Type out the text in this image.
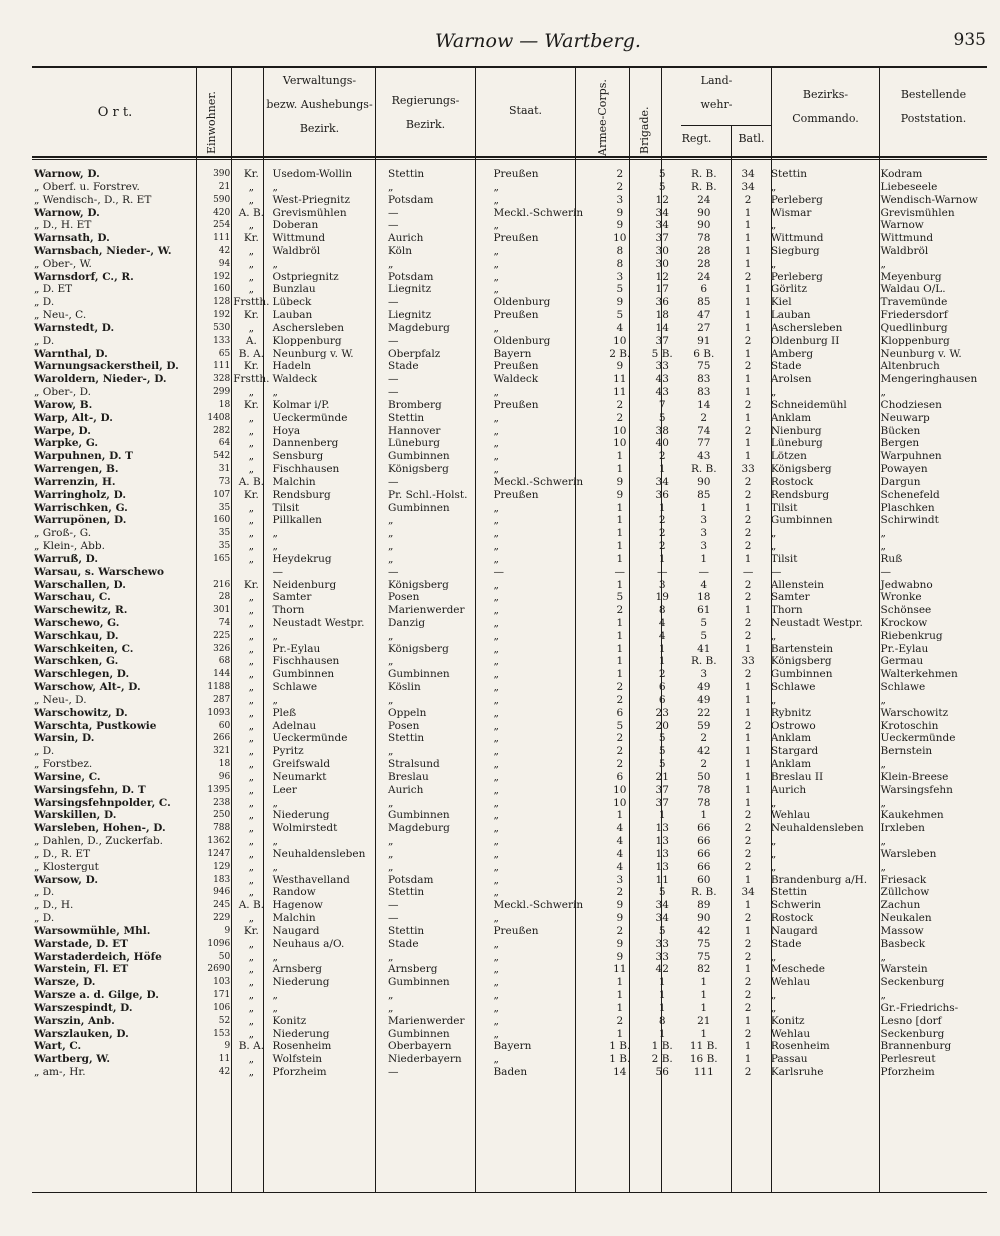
Warnow — Wartberg.	935
O r t.	Einwohner.
Verwaltungs-
bezw. Aushebungs-
Bezirk.
Regierungs-
Bezirk.
Staat.	Armee-Corps.	Brigade.
Land-
wehr-
Regt.	Batl.
Bezirks-
Commando.
Bestellende
Poststation.
Warnow, D.	390	Kr.	Usedom-Wollin	Stettin	Preußen	2	5	R. B.	34	Stettin	Kodram
„ Oberf. u. Forstrev.	21	„	„	„	„	2	5	R. B.	34	„	Liebeseele
„ Wendisch-, D., R. ET	590	„	West-Priegnitz	Potsdam	„	3	12	24	2	Perleberg	Wendisch-Warnow
Warnow, D.	420	A. B.	Grevismühlen	—	Meckl.-Schwerin	9	34	90	1	Wismar	Grevismühlen
„ D., H. ET	254	„	Doberan	—	„	9	34	90	1	„	Warnow
Warnsath, D.	111	Kr.	Wittmund	Aurich	Preußen	10	37	78	1	Wittmund	Wittmund
Warnsbach, Nieder-, W.	42	„	Waldbröl	Köln	„	8	30	28	1	Siegburg	Waldbröl
„ Ober-, W.	94	„	„	„	„	8	30	28	1	„	„
Warnsdorf, C., R.	192	„	Ostpriegnitz	Potsdam	„	3	12	24	2	Perleberg	Meyenburg
„ D. ET	160	„	Bunzlau	Liegnitz	„	5	17	6	1	Görlitz	Waldau O/L.
„ D.	128	Frstth.	Lübeck	—	Oldenburg	9	36	85	1	Kiel	Travemünde
„ Neu-, C.	192	Kr.	Lauban	Liegnitz	Preußen	5	18	47	1	Lauban	Friedersdorf
Warnstedt, D.	530	„	Aschersleben	Magdeburg	„	4	14	27	1	Aschersleben	Quedlinburg
„ D.	133	A.	Kloppenburg	—	Oldenburg	10	37	91	2	Oldenburg II	Kloppenburg
Warnthal, D.	65	B. A.	Neunburg v. W.	Oberpfalz	Bayern	2 B.	5 B.	6 B.	1	Amberg	Neunburg v. W.
Warnungsackerstheil, D.	111	Kr.	Hadeln	Stade	Preußen	9	33	75	2	Stade	Altenbruch
Waroldern, Nieder-, D.	328	Frstth.	Waldeck	—	Waldeck	11	43	83	1	Arolsen	Mengeringhausen
„ Ober-, D.	299	„	„	—	„	11	43	83	1	„	„
Warow, B.	18	Kr.	Kolmar i/P.	Bromberg	Preußen	2	7	14	2	Schneidemühl	Chodziesen
Warp, Alt-, D.	1408	„	Ueckermünde	Stettin	„	2	5	2	1	Anklam	Neuwarp
Warpe, D.	282	„	Hoya	Hannover	„	10	38	74	2	Nienburg	Bücken
Warpke, G.	64	„	Dannenberg	Lüneburg	„	10	40	77	1	Lüneburg	Bergen
Warpuhnen, D. T	542	„	Sensburg	Gumbinnen	„	1	2	43	1	Lötzen	Warpuhnen
Warrengen, B.	31	„	Fischhausen	Königsberg	„	1	1	R. B.	33	Königsberg	Powayen
Warrenzin, H.	73	A. B.	Malchin	—	Meckl.-Schwerin	9	34	90	2	Rostock	Dargun
Warringholz, D.	107	Kr.	Rendsburg	Pr. Schl.-Holst.	Preußen	9	36	85	2	Rendsburg	Schenefeld
Warrischken, G.	35	„	Tilsit	Gumbinnen	„	1	1	1	1	Tilsit	Plaschken
Warrupönen, D.	160	„	Pillkallen	„	„	1	2	3	2	Gumbinnen	Schirwindt
„ Groß-, G.	35	„	„	„	„	1	2	3	2	„	„
„ Klein-, Abb.	35	„	„	„	„	1	2	3	2	„	„
Warruß, D.	165	„	Heydekrug	„	„	1	1	1	1	Tilsit	Ruß
Warsau, s. Warschewo			—	—	—	—	—	—	—	—	—
Warschallen, D.	216	Kr.	Neidenburg	Königsberg	„	1	3	4	2	Allenstein	Jedwabno
Warschau, C.	28	„	Samter	Posen	„	5	19	18	2	Samter	Wronke
Warschewitz, R.	301	„	Thorn	Marienwerder	„	2	8	61	1	Thorn	Schönsee
Warschewo, G.	74	„	Neustadt Westpr.	Danzig	„	1	4	5	2	Neustadt Westpr.	Krockow
Warschkau, D.	225	„	„	„	„	1	4	5	2	„	Riebenkrug
Warschkeiten, C.	326	„	Pr.-Eylau	Königsberg	„	1	1	41	1	Bartenstein	Pr.-Eylau
Warschken, G.	68	„	Fischhausen	„	„	1	1	R. B.	33	Königsberg	Germau
Warschlegen, D.	144	„	Gumbinnen	Gumbinnen	„	1	2	3	2	Gumbinnen	Walterkehmen
Warschow, Alt-, D.	1188	„	Schlawe	Köslin	„	2	6	49	1	Schlawe	Schlawe
„ Neu-, D.	287	„	„	„	„	2	6	49	1	„	„
Warschowitz, D.	1093	„	Pleß	Oppeln	„	6	23	22	1	Rybnitz	Warschowitz
Warschta, Pustkowie	60	„	Adelnau	Posen	„	5	20	59	2	Ostrowo	Krotoschin
Warsin, D.	266	„	Ueckermünde	Stettin	„	2	5	2	1	Anklam	Ueckermünde
„ D.	321	„	Pyritz	„	„	2	5	42	1	Stargard	Bernstein
„ Forstbez.	18	„	Greifswald	Stralsund	„	2	5	2	1	Anklam	„
Warsine, C.	96	„	Neumarkt	Breslau	„	6	21	50	1	Breslau II	Klein-Breese
Warsingsfehn, D. T	1395	„	Leer	Aurich	„	10	37	78	1	Aurich	Warsingsfehn
Warsingsfehnpolder, C.	238	„	„	„	„	10	37	78	1	„	„
Warskillen, D.	250	„	Niederung	Gumbinnen	„	1	1	1	2	Wehlau	Kaukehmen
Warsleben, Hohen-, D.	788	„	Wolmirstedt	Magdeburg	„	4	13	66	2	Neuhaldensleben	Irxleben
„ Dahlen, D., Zuckerfab.	1362	„	„	„	„	4	13	66	2	„	„
„ D., R. ET	1247	„	Neuhaldensleben	„	„	4	13	66	2	„	Warsleben
„ Klostergut	129	„	„	„	„	4	13	66	2	„	„
Warsow, D.	183	„	Westhavelland	Potsdam	„	3	11	60	1	Brandenburg a/H.	Friesack
„ D.	946	„	Randow	Stettin	„	2	5	R. B.	34	Stettin	Züllchow
„ D., H.	245	A. B.	Hagenow	—	Meckl.-Schwerin	9	34	89	1	Schwerin	Zachun
„ D.	229	„	Malchin	—	„	9	34	90	2	Rostock	Neukalen
Warsowmühle, Mhl.	9	Kr.	Naugard	Stettin	Preußen	2	5	42	1	Naugard	Massow
Warstade, D. ET	1096	„	Neuhaus a/O.	Stade	„	9	33	75	2	Stade	Basbeck
Warstaderdeich, Höfe	50	„	„	„	„	9	33	75	2	„	„
Warstein, Fl. ET	2690	„	Arnsberg	Arnsberg	„	11	42	82	1	Meschede	Warstein
Warsze, D.	103	„	Niederung	Gumbinnen	„	1	1	1	2	Wehlau	Seckenburg
Warsze a. d. Gilge, D.	171	„	„	„	„	1	1	1	2	„	„
Warszespindt, D.	106	„	„	„	„	1	1	1	2	„	Gr.-Friedrichs-
Warszin, Anb.	52	„	Konitz	Marienwerder	„	2	8	21	1	Konitz	Lesno [dorf
Warszlauken, D.	153	„	Niederung	Gumbinnen	„	1	1	1	2	Wehlau	Seckenburg
Wart, C.	9	B. A.	Rosenheim	Oberbayern	Bayern	1 B.	1 B.	11 B.	1	Rosenheim	Brannenburg
Wartberg, W.	11	„	Wolfstein	Niederbayern	„	1 B.	2 B.	16 B.	1	Passau	Perlesreut
„ am-, Hr.	42	„	Pforzheim	—	Baden	14	56	111	2	Karlsruhe	Pforzheim
